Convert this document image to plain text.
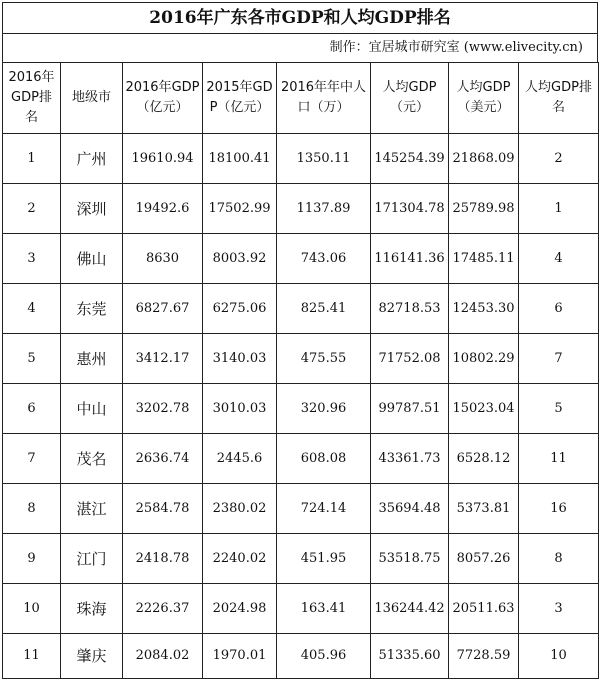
2016年广东各市GDP和人均GDP排名
制作：宜居城市研究室 (www.elivecity.cn)
2016年GDP排名	地级市	2016年GDP（亿元）	2015年GDP（亿元）	2016年年中人口（万）	人均GDP（元）	人均GDP（美元）	人均GDP排名
1	广州	19610.94	18100.41	1350.11	145254.39	21868.09	2
2	深圳	19492.6	17502.99	1137.89	171304.78	25789.98	1
3	佛山	8630	8003.92	743.06	116141.36	17485.11	4
4	东莞	6827.67	6275.06	825.41	82718.53	12453.30	6
5	惠州	3412.17	3140.03	475.55	71752.08	10802.29	7
6	中山	3202.78	3010.03	320.96	99787.51	15023.04	5
7	茂名	2636.74	2445.6	608.08	43361.73	6528.12	11
8	湛江	2584.78	2380.02	724.14	35694.48	5373.81	16
9	江门	2418.78	2240.02	451.95	53518.75	8057.26	8
10	珠海	2226.37	2024.98	163.41	136244.42	20511.63	3
11	肇庆	2084.02	1970.01	405.96	51335.60	7728.59	10
